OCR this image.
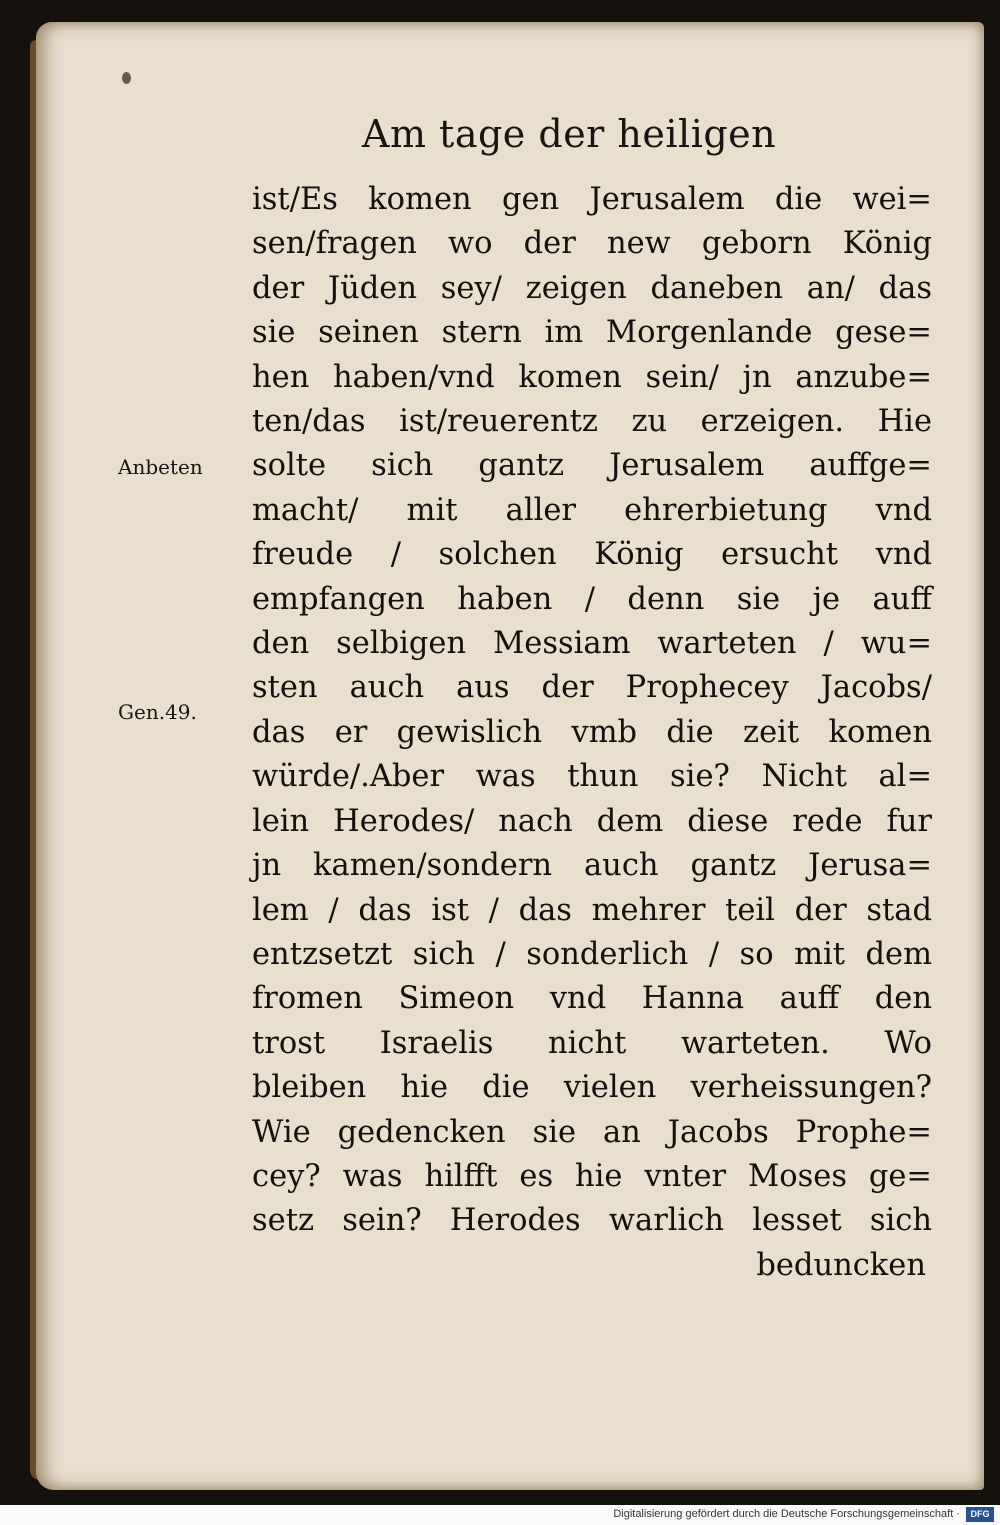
Am tage der heiligen
Anbeten
Gen.49.
ist/Es komen gen Jerusalem die wei=
sen/fragen wo der new geborn König
der Jüden sey/ zeigen daneben an/ das
sie seinen stern im Morgenlande gese=
hen haben/vnd komen sein/ jn anzube=
ten/das ist/reuerentz zu erzeigen. Hie
solte sich gantz Jerusalem auffge=
macht/ mit aller ehrerbietung vnd
freude / solchen König ersucht vnd
empfangen haben / denn sie je auff
den selbigen Messiam warteten / wu=
sten auch aus der Prophecey Jacobs/
das er gewislich vmb die zeit komen
würde/.Aber was thun sie? Nicht al=
lein Herodes/ nach dem diese rede fur
jn kamen/sondern auch gantz Jerusa=
lem / das ist / das mehrer teil der stad
entzsetzt sich / sonderlich / so mit dem
fromen Simeon vnd Hanna auff den
trost Israelis nicht warteten. Wo
bleiben hie die vielen verheissungen?
Wie gedencken sie an Jacobs Prophe=
cey? was hilfft es hie vnter Moses ge=
setz sein? Herodes warlich lesset sich
beduncken
Digitalisierung gefördert durch die Deutsche Forschungsgemeinschaft ·	DFG
